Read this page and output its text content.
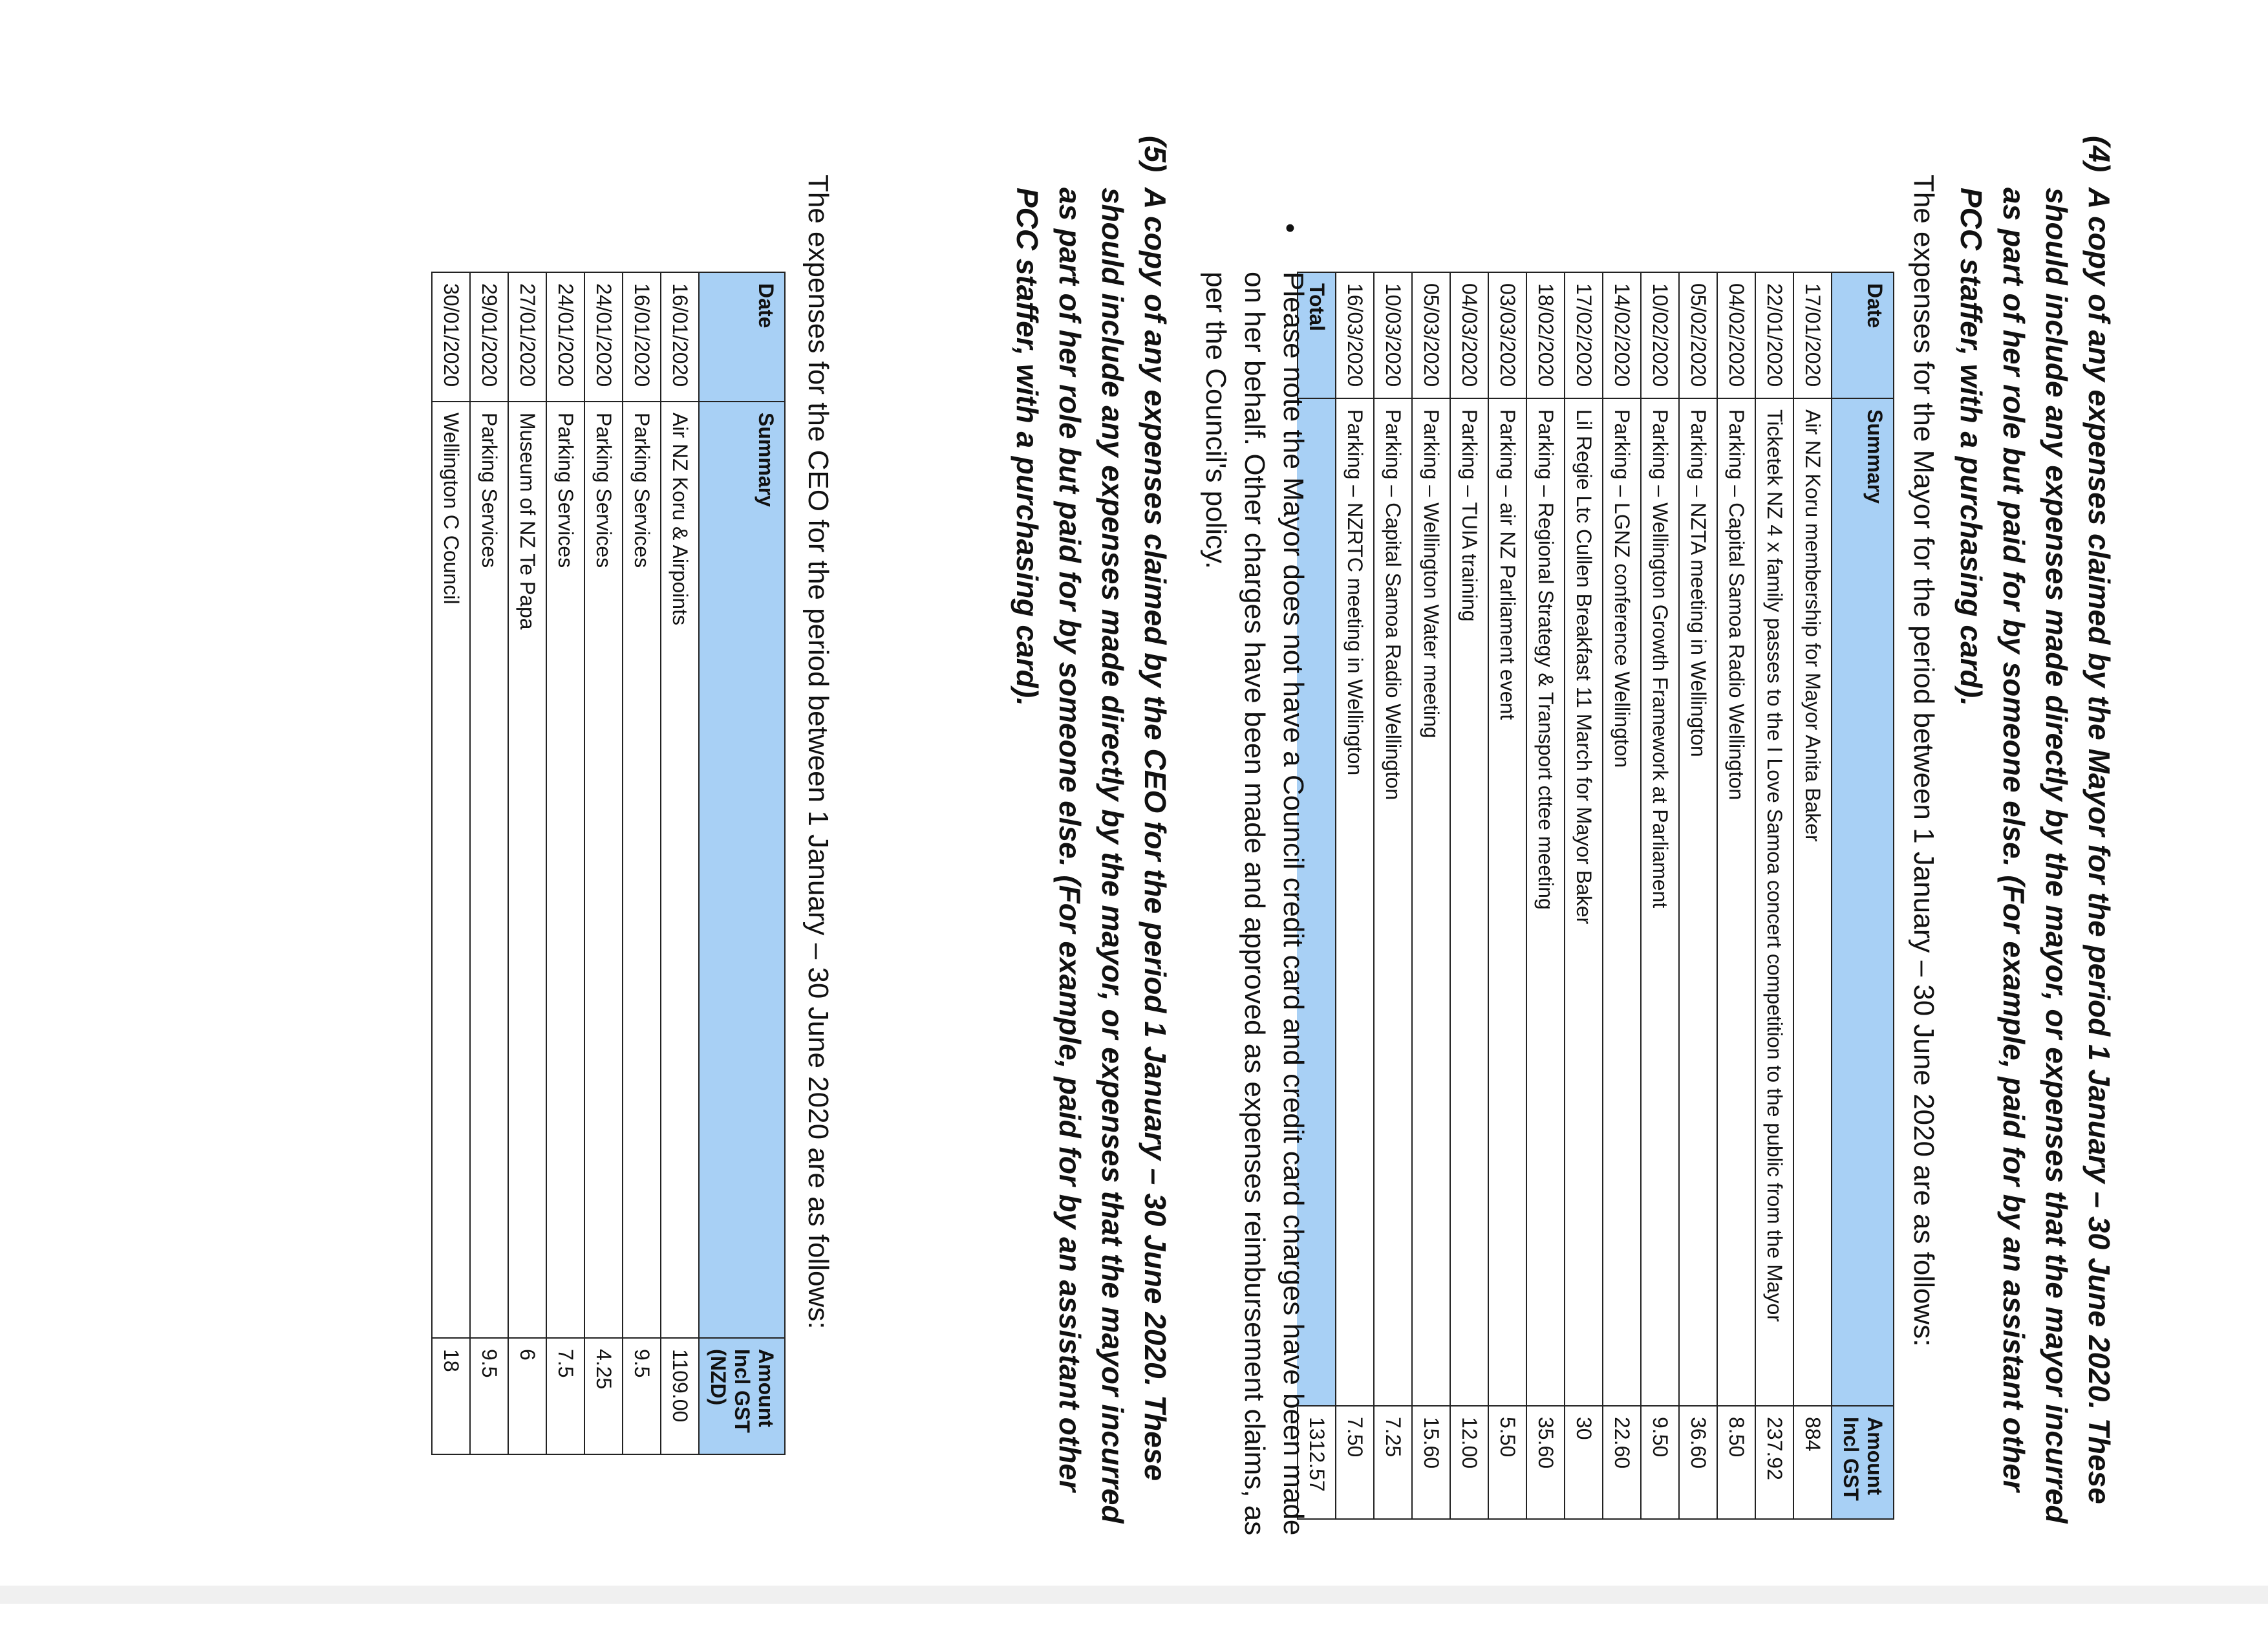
(4)
A copy of any expenses claimed by the Mayor for the period 1 January – 30 June 2020. These should include any expenses made directly by the mayor, or expenses that the mayor incurred as part of her role but paid for by someone else. (For example, paid for by an assistant other PCC staffer, with a purchasing card).
The expenses for the Mayor for the period between 1 January – 30 June 2020 are as follows:
Date	Summary	Amount Incl GST
17/01/2020	Air NZ Koru membership for Mayor Anita Baker	884
22/01/2020	Ticketek NZ 4 x family passes to the I Love Samoa concert competition to the public from the Mayor	237.92
04/02/2020	Parking – Capital Samoa Radio Wellington	8.50
05/02/2020	Parking – NZTA meeting in Wellington	36.60
10/02/2020	Parking – Wellington Growth Framework at Parliament	9.50
14/02/2020	Parking – LGNZ conference Wellington	22.60
17/02/2020	Lil Regie Ltc Cullen Breakfast 11 March for Mayor Baker	30
18/02/2020	Parking – Regional Strategy & Transport cttee meeting	35.60
03/03/2020	Parking – air NZ Parliament event	5.50
04/03/2020	Parking – TUIA training	12.00
05/03/2020	Parking – Wellington Water meeting	15.60
10/03/2020	Parking – Capital Samoa Radio Wellington	7.25
16/03/2020	Parking – NZRTC meeting in Wellington	7.50
Total		1312.57
•
Please note the Mayor does not have a Council credit card and credit card charges have been made on her behalf. Other charges have been made and approved as expenses reimbursement claims, as per the Council's policy.
(5)
A copy of any expenses claimed by the CEO for the period 1 January – 30 June 2020. These should include any expenses made directly by the mayor, or expenses that the mayor incurred as part of her role but paid for by someone else. (For example, paid for by an assistant other PCC staffer, with a purchasing card).
The expenses for the CEO for the period between 1 January – 30 June 2020 are as follows:
Date	Summary	Amount Incl GST (NZD)
16/01/2020	Air NZ Koru & Airpoints	1109.00
16/01/2020	Parking Services	9.5
24/01/2020	Parking Services	4.25
24/01/2020	Parking Services	7.5
27/01/2020	Museum of NZ Te Papa	6
29/01/2020	Parking Services	9.5
30/01/2020	Wellington C Council	18
